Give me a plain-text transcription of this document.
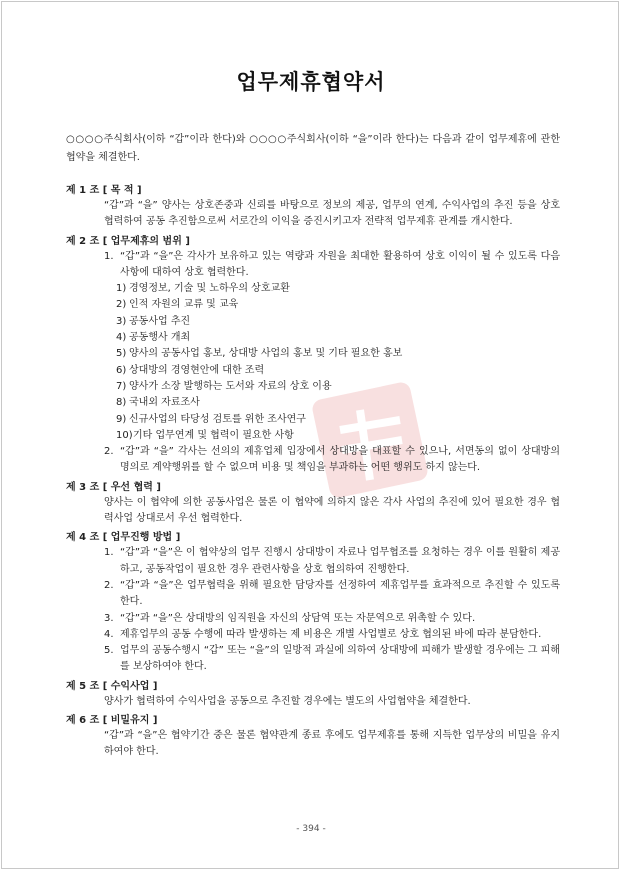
업무제휴협약서
○○○○주식회사(이하 “갑”이라 한다)와 ○○○○주식회사(이하 “을”이라 한다)는 다음과 같이 업무제휴에 관한 협약을 체결한다.
제 1 조 [ 목 적 ]
“갑”과 “을” 양사는 상호존중과 신뢰를 바탕으로 정보의 제공, 업무의 연계, 수익사업의 추진 등을 상호 협력하여 공동 추진함으로써 서로간의 이익을 증진시키고자 전략적 업무제휴 관계를 개시한다.
제 2 조 [ 업무제휴의 범위 ]
1. “갑”과 “을”은 각사가 보유하고 있는 역량과 자원을 최대한 활용하여 상호 이익이 될 수 있도록 다음 사항에 대하여 상호 협력한다.
1) 경영정보, 기술 및 노하우의 상호교환
2) 인적 자원의 교류 및 교육
3) 공동사업 추진
4) 공동행사 개최
5) 양사의 공동사업 홍보, 상대방 사업의 홍보 및 기타 필요한 홍보
6) 상대방의 경영현안에 대한 조력
7) 양사가 소장 발행하는 도서와 자료의 상호 이용
8) 국내외 자료조사
9) 신규사업의 타당성 검토를 위한 조사연구
10) 기타 업무연계 및 협력이 필요한 사항
2. “갑”과 “을” 각사는 선의의 제휴업체 입장에서 상대방을 대표할 수 있으나, 서면동의 없이 상대방의 명의로 계약행위를 할 수 없으며 비용 및 책임을 부과하는 어떤 행위도 하지 않는다.
제 3 조 [ 우선 협력 ]
양사는 이 협약에 의한 공동사업은 물론 이 협약에 의하지 않은 각사 사업의 추진에 있어 필요한 경우 협력사업 상대로서 우선 협력한다.
제 4 조 [ 업무진행 방법 ]
1. “갑”과 “을”은 이 협약상의 업무 진행시 상대방이 자료나 업무협조를 요청하는 경우 이를 원활히 제공하고, 공동작업이 필요한 경우 관련사항을 상호 협의하여 진행한다.
2. “갑”과 “을”은 업무협력을 위해 필요한 담당자를 선정하여 제휴업무를 효과적으로 추진할 수 있도록 한다.
3. “갑”과 “을”은 상대방의 임직원을 자신의 상담역 또는 자문역으로 위촉할 수 있다.
4. 제휴업무의 공동 수행에 따라 발생하는 제 비용은 개별 사업별로 상호 협의된 바에 따라 분담한다.
5. 업무의 공동수행시 “갑” 또는 “을”의 일방적 과실에 의하여 상대방에 피해가 발생할 경우에는 그 피해를 보상하여야 한다.
제 5 조 [ 수익사업 ]
양사가 협력하여 수익사업을 공동으로 추진할 경우에는 별도의 사업협약을 체결한다.
제 6 조 [ 비밀유지 ]
“갑”과 “을”은 협약기간 중은 물론 협약관계 종료 후에도 업무제휴를 통해 지득한 업무상의 비밀을 유지하여야 한다.
- 394 -
